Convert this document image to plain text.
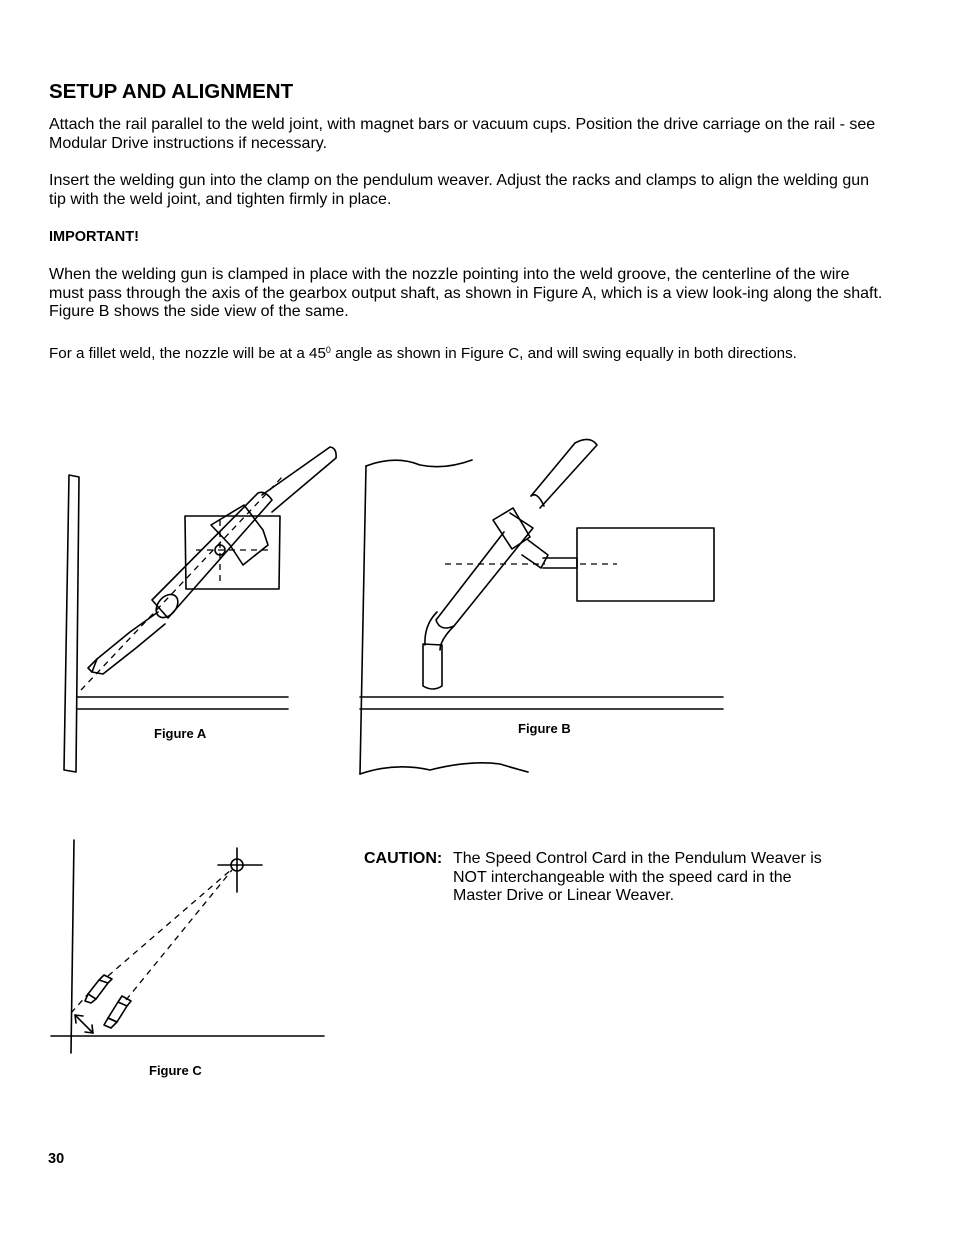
SETUP AND ALIGNMENT

Attach the rail parallel to the weld joint, with magnet bars or vacuum cups. Position the drive carriage on the rail - see Modular Drive instructions if necessary.

Insert the welding gun into the clamp on the pendulum weaver. Adjust the racks and clamps to align the welding gun tip with the weld joint, and tighten firmly in place.

IMPORTANT!

When the welding gun is clamped in place with the nozzle pointing into the weld groove, the centerline of the wire must pass through the axis of the gearbox output shaft, as shown in Figure A, which is a view look-ing along the shaft. Figure B shows the side view of the same.

For a fillet weld, the nozzle will be at a $45^0$ angle as shown in Figure C, and will swing equally in both directions.

Figure A	Figure B
Figure C
CAUTION: The Speed Control Card in the Pendulum Weaver is NOT interchangeable with the speed card in the Master Drive or Linear Weaver.
30
